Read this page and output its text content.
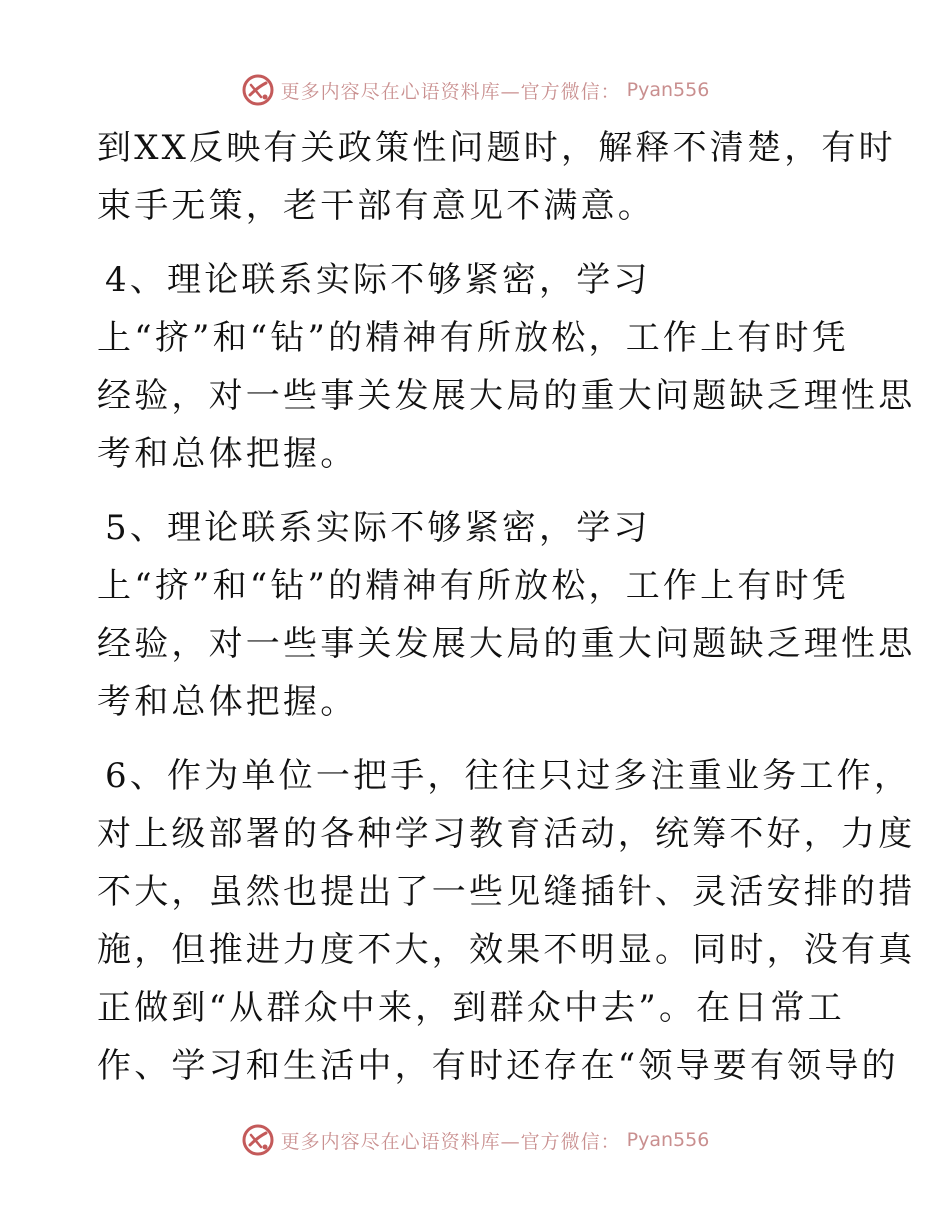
更多内容尽在心语资料库—官方微信： Pyan556
到XX反映有关政策性问题时，解释不清楚，有时
束手无策，老干部有意见不满意。
4、理论联系实际不够紧密，学习
上“挤”和“钻”的精神有所放松，工作上有时凭
经验，对一些事关发展大局的重大问题缺乏理性思
考和总体把握。
5、理论联系实际不够紧密，学习
上“挤”和“钻”的精神有所放松，工作上有时凭
经验，对一些事关发展大局的重大问题缺乏理性思
考和总体把握。
6、作为单位一把手，往往只过多注重业务工作，
对上级部署的各种学习教育活动，统筹不好，力度
不大，虽然也提出了一些见缝插针、灵活安排的措
施，但推进力度不大，效果不明显。同时，没有真
正做到“从群众中来，到群众中去”。在日常工
作、学习和生活中，有时还存在“领导要有领导的
更多内容尽在心语资料库—官方微信： Pyan556
